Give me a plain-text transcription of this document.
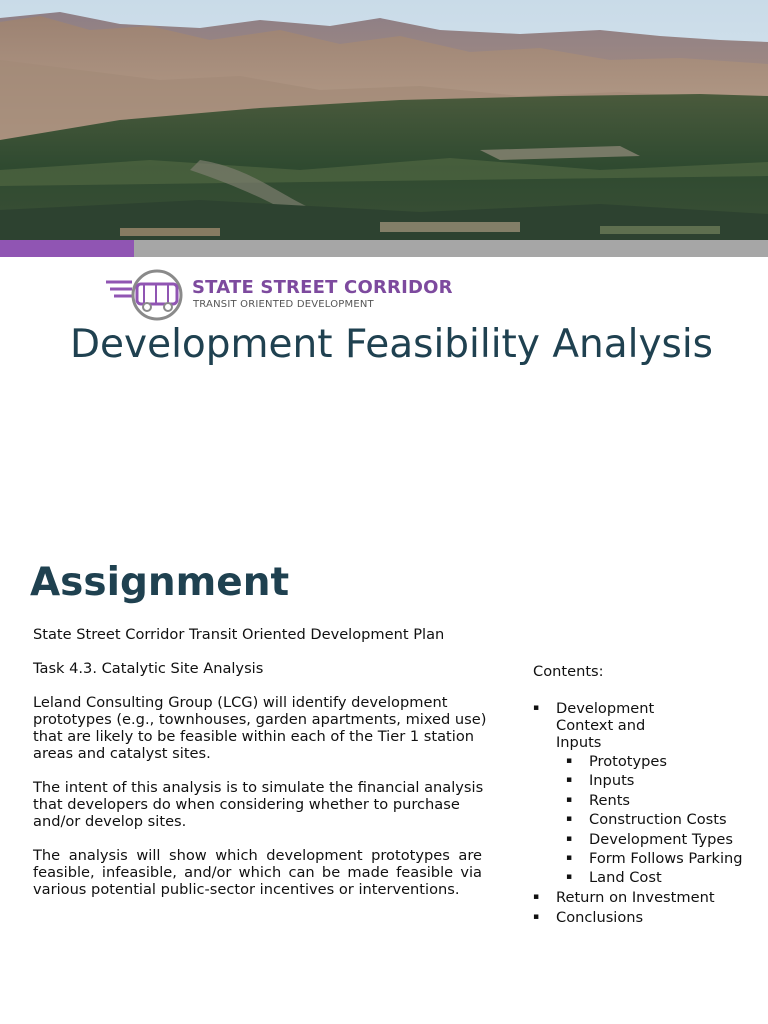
STATE STREET CORRIDOR
TRANSIT ORIENTED DEVELOPMENT
Development Feasibility Analysis
Assignment

State Street Corridor Transit Oriented Development Plan

Task 4.3. Catalytic Site Analysis

Leland Consulting Group (LCG) will identify development prototypes (e.g., townhouses, garden apartments, mixed use) that are likely to be feasible within each of the Tier 1 station areas and catalyst sites.

The intent of this analysis is to simulate the financial analysis that developers do when considering whether to purchase and/or develop sites.

The analysis will show which development prototypes are feasible, infeasible, and/or which can be made feasible via various potential public-sector incentives or interventions.

Contents:
▪ Development Context and Inputs
▪ Prototypes
▪ Inputs
▪ Rents
▪ Construction Costs
▪ Development Types
▪ Form Follows Parking
▪ Land Cost
▪ Return on Investment
▪ Conclusions
